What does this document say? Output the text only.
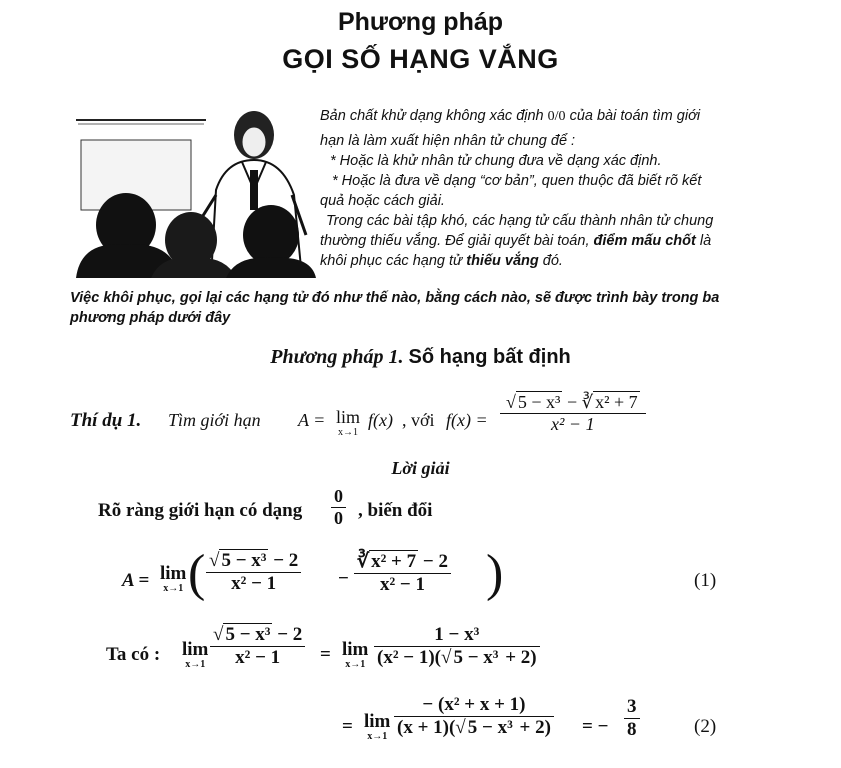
Phương pháp
GỌI SỐ HẠNG VẮNG
Bản chất khử dạng không xác định 0/0 của bài toán tìm giới
hạn là làm xuất hiện nhân tử chung để :
* Hoặc là khử nhân tử chung đưa về dạng xác định.
* Hoặc là đưa về dạng “cơ bản”, quen thuộc đã biết rõ kết
quả hoặc cách giải.
Trong các bài tập khó, các hạng tử cấu thành nhân tử chung
thường thiếu vắng. Để giải quyết bài toán, điểm mấu chốt là
khôi phục các hạng tử thiếu vắng đó.
Việc khôi phục, gọi lại các hạng tử đó như thế nào, bằng cách nào, sẽ được trình bày trong ba
phương pháp dưới đây
Phương pháp 1. Số hạng bất định
Thí dụ 1. Tìm giới hạn A = lim
x→1
f(x) , với $f(x) = \frac{\text{√ 5 − x³ − ∛ x² + 7}}{\text{x² − 1}}$
Lời giải
Rõ ràng giới hạn có dạng $\frac{0}{0}$ , biến đổi
A = lim
x→1 ( $\frac{\text{√ 5 − x³ − 2}}{\text{x² − 1}} - \frac{\text{∛ x² + 7 − 2}}{\text{x² − 1}}$ )	(1)
Ta có : lim
$x\to 1 \frac{\text{√ 5 − x³ − 2}}{\text{x² − 1}} = \lim$
$x\to 1 \frac{\text{1 − x³}}{\text{(x² − 1)(√ 5 − x³ + 2)}}$
= lim
$x\to 1 \frac{\text{− (x² + x + 1)}}{\text{(x + 1)(√ 5 − x³ + 2)}}$ = − $\frac{3}{8}$	(2)
